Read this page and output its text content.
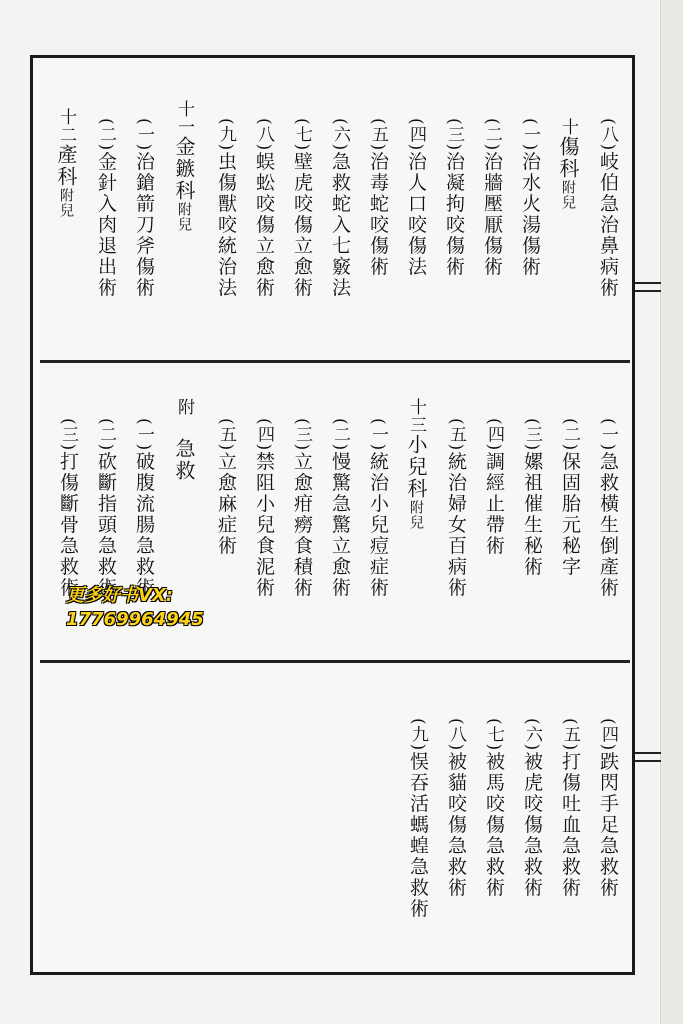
(八)岐伯急治鼻病術
十傷科附兒
(一)治水火湯傷術
(二)治牆壓厭傷術
(三)治凝拘咬傷術
(四)治人口咬傷法
(五)治毒蛇咬傷術
(六)急救蛇入七竅法
(七)壁虎咬傷立愈術
(八)蜈蚣咬傷立愈術
(九)虫傷獸咬統治法
十一金鏃科附兒
(一)治鎗箭刀斧傷術
(二)金針入肉退出術
十二產科附兒
(一)急救橫生倒產術
(二)保固胎元秘字
(三)嫘祖催生秘術
(四)調經止帶術
(五)統治婦女百病術
十三小兒科附兒
(一)統治小兒痘症術
(二)慢驚急驚立愈術
(三)立愈疳癆食積術
(四)禁阻小兒食泥術
(五)立愈麻症術
附 急救
(一)破腹流腸急救術
(二)砍斷指頭急救術
(三)打傷斷骨急救術
(四)跌閃手足急救術
(五)打傷吐血急救術
(六)被虎咬傷急救術
(七)被馬咬傷急救術
(八)被貓咬傷急救術
(九)悮吞活螞蝗急救術
更多好书VX:
17769964945
